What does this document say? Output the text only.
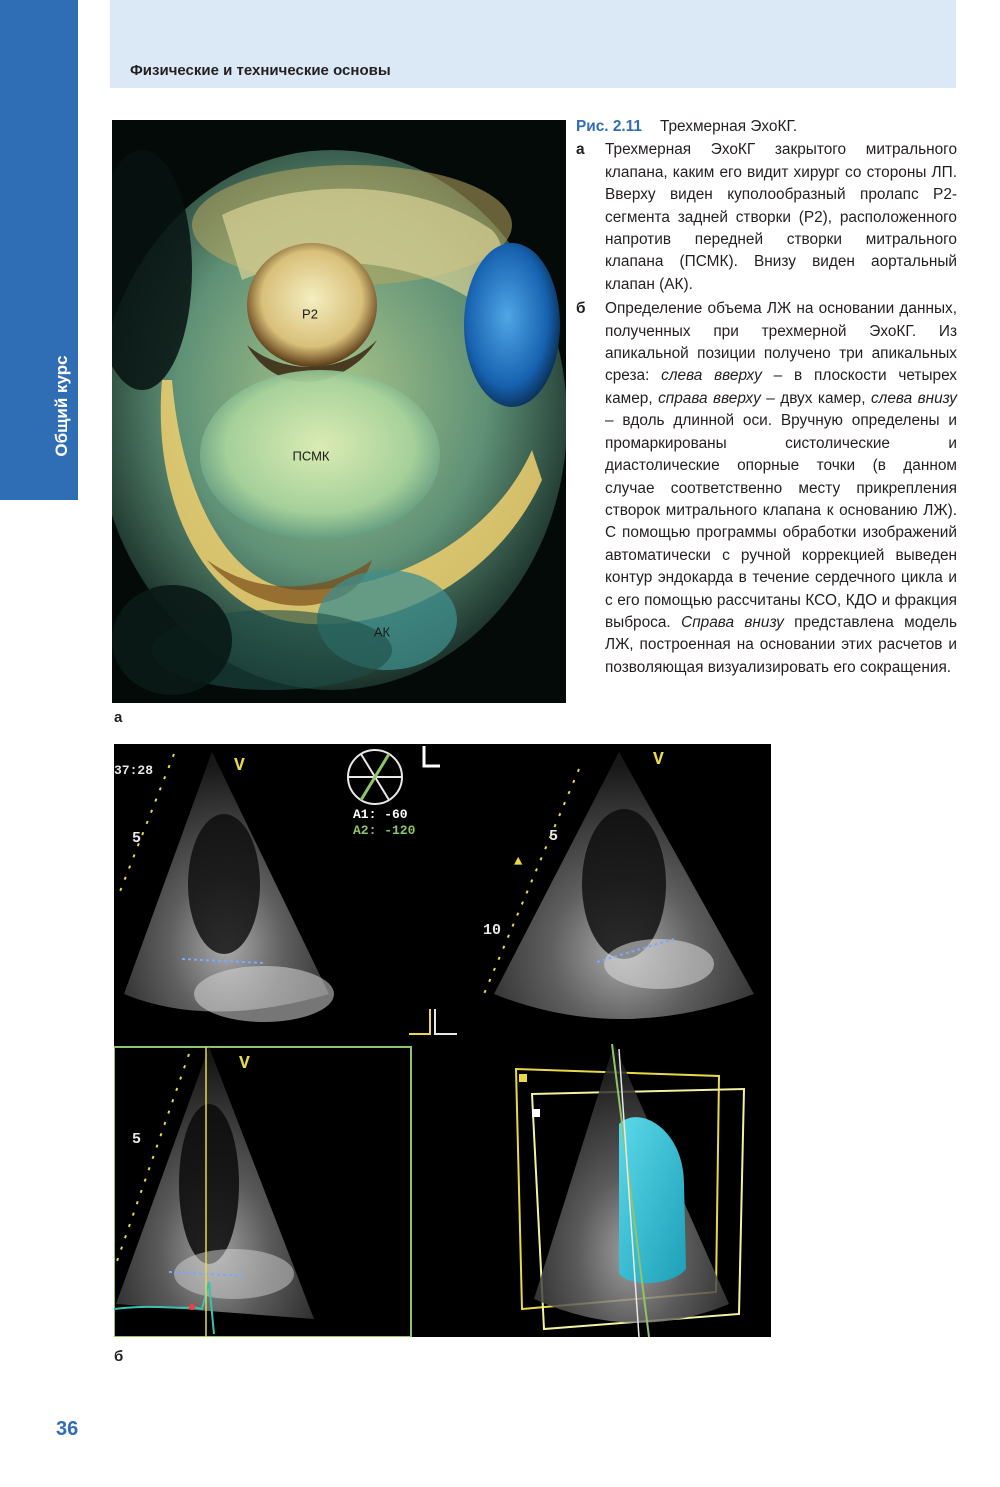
Физические и технические основы
Общий курс
P2
ПСМК
АК
a
Рис. 2.11 Трехмерная ЭхоКГ.
a Трехмерная ЭхоКГ закрытого митрального клапана, каким его видит хирург со стороны ЛП. Вверху виден куполообразный пролапс P2-сегмента задней створки (P2), расположенного напротив передней створки митрального клапана (ПСМК). Внизу виден аортальный клапан (АК).
б Определение объема ЛЖ на основании данных, полученных при трехмерной ЭхоКГ. Из апикальной позиции получено три апикальных среза: слева вверху – в плоскости четырех камер, справа вверху – двух камер, слева внизу – вдоль длинной оси. Вручную определены и промаркированы систолические и диастолические опорные точки (в данном случае соответственно месту прикрепления створок митрального клапана к основанию ЛЖ). С помощью программы обработки изображений автоматически с ручной коррекцией выведен контур эндокарда в течение сердечного цикла и с его помощью рассчитаны КСО, КДО и фракция выброса. Справа внизу представлена модель ЛЖ, построенная на основании этих расчетов и позволяющая визуализировать его сокращения.
37:28	V	V
V
A1: -60
A2: -120
5	5
10
5
▲
б
36
